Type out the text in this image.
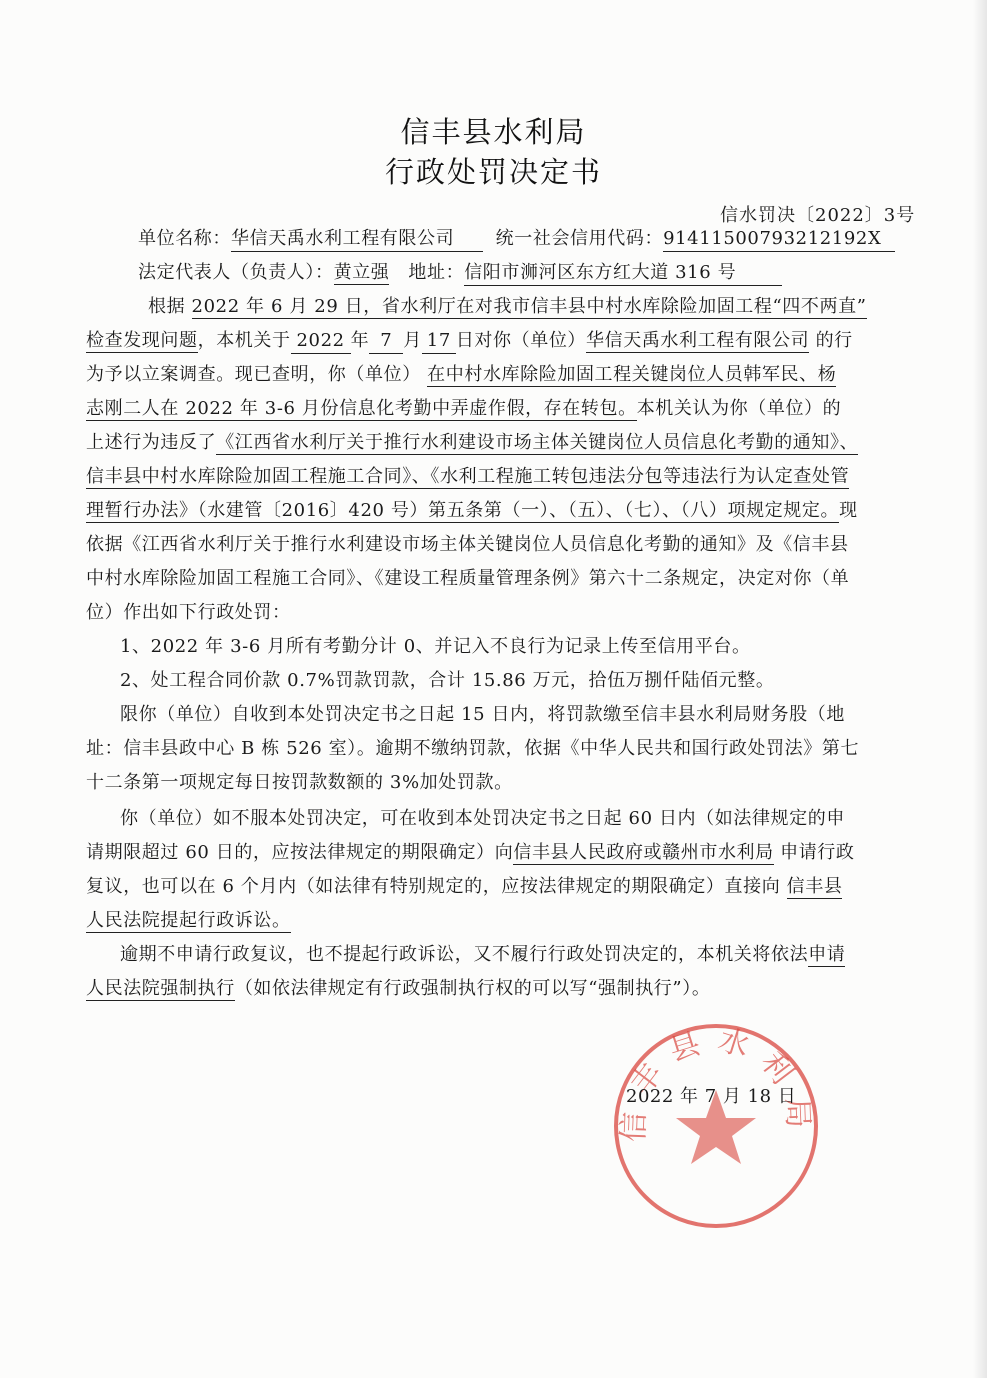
信丰县水利局
行政处罚决定书
信水罚决〔2022〕3号
单位名称：华信天禹水利工程有限公司 统一社会信用代码：91411500793212192X
法定代表人（负责人）：黄立强 地址：信阳市浉河区东方红大道 316 号
根据 2022 年 6 月 29 日，省水利厅在对我市信丰县中村水库除险加固工程“四不两直”
检查发现问题，本机关于 2022 年 7 月 17 日对你（单位）华信天禹水利工程有限公司 的行
为予以立案调查。现已查明，你（单位） 在中村水库除险加固工程关键岗位人员韩军民、杨
志刚二人在 2022 年 3-6 月份信息化考勤中弄虚作假，存在转包。本机关认为你（单位）的
上述行为违反了《江西省水利厅关于推行水利建设市场主体关键岗位人员信息化考勤的通知》、
信丰县中村水库除险加固工程施工合同》、《水利工程施工转包违法分包等违法行为认定查处管
理暂行办法》（水建管〔2016〕420 号）第五条第（一）、（五）、（七）、（八）项规定规定。现
依据《江西省水利厅关于推行水利建设市场主体关键岗位人员信息化考勤的通知》及《信丰县
中村水库除险加固工程施工合同》、《建设工程质量管理条例》第六十二条规定，决定对你（单
位）作出如下行政处罚：
1、2022 年 3-6 月所有考勤分计 0、并记入不良行为记录上传至信用平台。
2、处工程合同价款 0.7%罚款罚款，合计 15.86 万元，拾伍万捌仟陆佰元整。
限你（单位）自收到本处罚决定书之日起 15 日内，将罚款缴至信丰县水利局财务股（地
址：信丰县政中心 B 栋 526 室）。逾期不缴纳罚款，依据《中华人民共和国行政处罚法》第七
十二条第一项规定每日按罚款数额的 3%加处罚款。
你（单位）如不服本处罚决定，可在收到本处罚决定书之日起 60 日内（如法律规定的申
请期限超过 60 日的，应按法律规定的期限确定）向信丰县人民政府或赣州市水利局 申请行政
复议，也可以在 6 个月内（如法律有特别规定的，应按法律规定的期限确定）直接向 信丰县
人民法院提起行政诉讼。
逾期不申请行政复议，也不提起行政诉讼，又不履行行政处罚决定的，本机关将依法申请
人民法院强制执行（如依法律规定有行政强制执行权的可以写“强制执行”）。
信丰县水利局
2022 年 7 月 18 日
